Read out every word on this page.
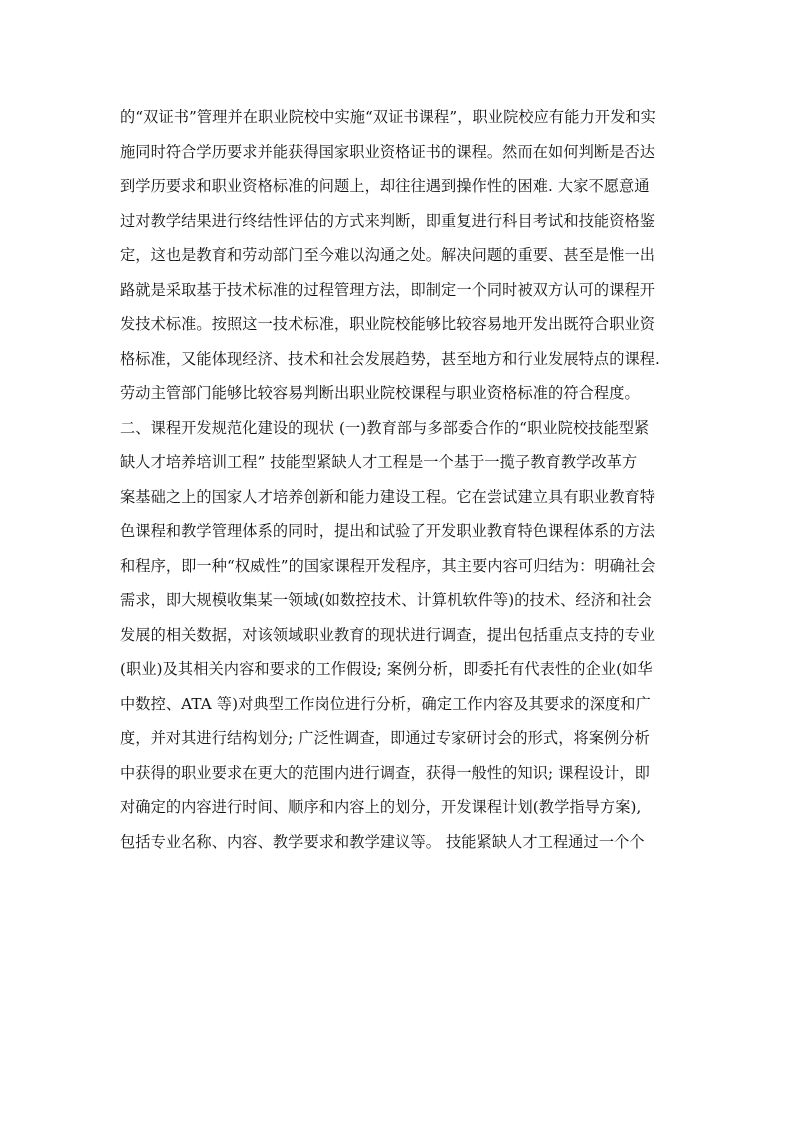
的“双证书”管理并在职业院校中实施“双证书课程”，职业院校应有能力开发和实
施同时符合学历要求并能获得国家职业资格证书的课程。然而在如何判断是否达
到学历要求和职业资格标准的问题上，却往往遇到操作性的困难. 大家不愿意通
过对教学结果进行终结性评估的方式来判断，即重复进行科目考试和技能资格鉴
定，这也是教育和劳动部门至今难以沟通之处。解决问题的重要、甚至是惟一出
路就是采取基于技术标准的过程管理方法，即制定一个同时被双方认可的课程开
发技术标准。按照这一技术标准，职业院校能够比较容易地开发出既符合职业资
格标准，又能体现经济、技术和社会发展趋势，甚至地方和行业发展特点的课程.
劳动主管部门能够比较容易判断出职业院校课程与职业资格标准的符合程度。
二、课程开发规范化建设的现状 (一)教育部与多部委合作的“职业院校技能型紧
缺人才培养培训工程” 技能型紧缺人才工程是一个基于一揽子教育教学改革方
案基础之上的国家人才培养创新和能力建设工程。它在尝试建立具有职业教育特
色课程和教学管理体系的同时，提出和试验了开发职业教育特色课程体系的方法
和程序，即一种“权威性”的国家课程开发程序，其主要内容可归结为：明确社会
需求，即大规模收集某一领域(如数控技术、计算机软件等)的技术、经济和社会
发展的相关数据，对该领域职业教育的现状进行调查，提出包括重点支持的专业
(职业)及其相关内容和要求的工作假设; 案例分析，即委托有代表性的企业(如华
中数控、ATA 等)对典型工作岗位进行分析，确定工作内容及其要求的深度和广
度，并对其进行结构划分; 广泛性调查，即通过专家研讨会的形式，将案例分析
中获得的职业要求在更大的范围内进行调查，获得一般性的知识; 课程设计，即
对确定的内容进行时间、顺序和内容上的划分，开发课程计划(教学指导方案),
包括专业名称、内容、教学要求和教学建议等。 技能紧缺人才工程通过一个个
